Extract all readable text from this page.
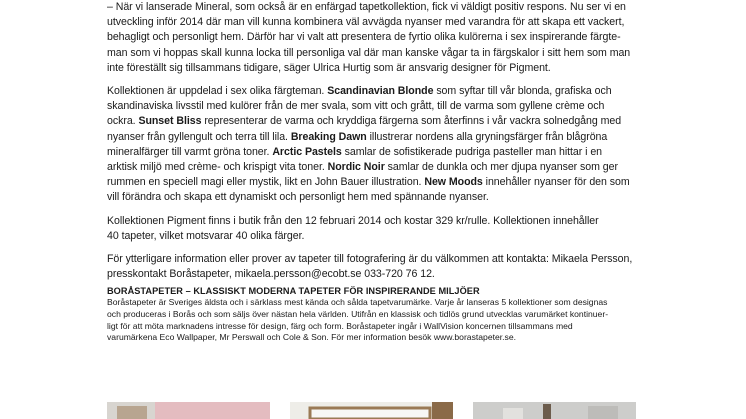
– När vi lanserade Mineral, som också är en enfärgad tapetkollektion, fick vi väldigt positiv respons. Nu ser vi en

utveckling inför 2014 där man vill kunna kombinera väl avvägda nyanser med varandra för att skapa ett vackert,

behagligt och personligt hem. Därför har vi valt att presentera de fyrtio olika kulörerna i sex inspirerande färgte-

man som vi hoppas skall kunna locka till personliga val där man kanske vågar ta in färgskalor i sitt hem som man

inte föreställt sig tillsammans tidigare, säger Ulrica Hurtig som är ansvarig designer för Pigment.

Kollektionen är uppdelad i sex olika färgteman. Scandinavian Blonde som syftar till vår blonda, grafiska och

skandinaviska livsstil med kulörer från de mer svala, som vitt och grått, till de varma som gyllene crème och

ockra. Sunset Bliss representerar de varma och kryddiga färgerna som återfinns i vår vackra solnedgång med

nyanser från gyllengult och terra till lila. Breaking Dawn illustrerar nordens alla gryningsfärger från blågröna

mineralfärger till varmt gröna toner. Arctic Pastels samlar de sofistikerade pudriga pasteller man hittar i en

arktisk miljö med crème- och krispigt vita toner. Nordic Noir samlar de dunkla och mer djupa nyanser som ger

rummen en speciell magi eller mystik, likt en John Bauer illustration. New Moods innehåller nyanser för den som

vill förändra och skapa ett dynamiskt och personligt hem med spännande nyanser.

Kollektionen Pigment finns i butik från den 12 februari 2014 och kostar 329 kr/rulle. Kollektionen innehåller

40 tapeter, vilket motsvarar 40 olika färger.

För ytterligare information eller prover av tapeter till fotografering är du välkommen att kontakta: Mikaela Persson,

presskontakt Boråstapeter, mikaela.persson@ecobt.se 033-720 76 12.

BORÅSTAPETER – KLASSISKT MODERNA TAPETER FÖR INSPIRERANDE MILJÖER

Boråstapeter är Sveriges äldsta och i särklass mest kända och sålda tapetvarumärke. Varje år lanseras 5 kollektioner som designas

och produceras i Borås och som säljs över nästan hela världen. Utifrån en klassisk och tidlös grund utvecklas varumärket kontinuer-

ligt för att möta marknadens intresse för design, färg och form. Boråstapeter ingår i WallVision koncernen tillsammans med

varumärkena Eco Wallpaper, Mr Perswall och Cole & Son. För mer information besök www.borastapeter.se.
